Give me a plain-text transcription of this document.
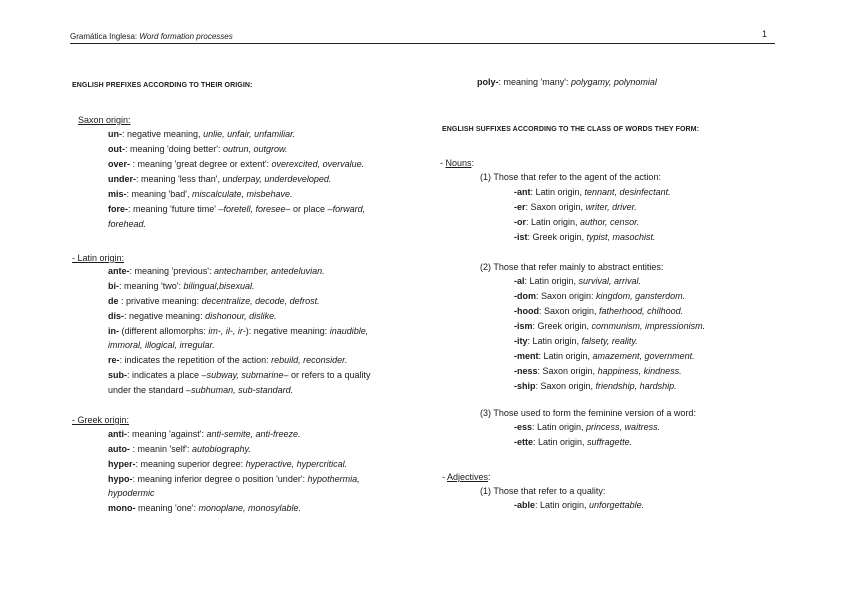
Gramática Inglesa: Word formation processes	1
ENGLISH PREFIXES ACCORDING TO THEIR ORIGIN:
Saxon origin:
un-: negative meaning, unlie, unfair, unfamiliar.
out-: meaning 'doing better': outrun, outgrow.
over- : meaning 'great degree or extent': overexcited, overvalue.
under-: meaning 'less than', underpay, underdeveloped.
mis-: meaning 'bad', miscalculate, misbehave.
fore-: meaning 'future time' –foretell, foresee– or place –forward,
forehead.
- Latin origin:
ante-: meaning 'previous': antechamber, antedeluvian.
bi-: meaning 'two': bilingual,bisexual.
de : privative meaning: decentralize, decode, defrost.
dis-: negative meaning: dishonour, dislike.
in- (different allomorphs: im-, il-, ir-): negative meaning: inaudible,
immoral, illogical, irregular.
re-: indicates the repetition of the action: rebuild, reconsider.
sub-: indicates a place –subway, submarine– or refers to a quality
under the standard –subhuman, sub-standard.
- Greek origin:
anti-: meaning 'against': anti-semite, anti-freeze.
auto- : meanin 'self': autobiography.
hyper-: meaning superior degree: hyperactive, hypercritical.
hypo-: meaning inferior degree o position 'under': hypothermia,
hypodermic
mono- meaning 'one': monoplane, monosylable.
poly-: meaning 'many': polygamy, polynomial
ENGLISH SUFFIXES ACCORDING TO THE CLASS OF WORDS THEY FORM:
- Nouns:
(1) Those that refer to the agent of the action:
-ant: Latin origin, tennant, desinfectant.
-er: Saxon origin, writer, driver.
-or: Latin origin, author, censor.
-ist: Greek origin, typist, masochist.
(2) Those that refer mainly to abstract entities:
-al: Latin origin, survival, arrival.
-dom: Saxon origin: kingdom, gansterdom.
-hood: Saxon origin, fatherhood, chilhood.
-ism: Greek origin, communism, impressionism.
-ity: Latin origin, falsety, reality.
-ment: Latin origin, amazement, government.
-ness: Saxon origin, happiness, kindness.
-ship: Saxon origin, friendship, hardship.
(3) Those used to form the feminine version of a word:
-ess: Latin origin, princess, waitress.
-ette: Latin origin, suffragette.
- Adjectives:
(1) Those that refer to a quality:
-able: Latin origin, unforgettable.
